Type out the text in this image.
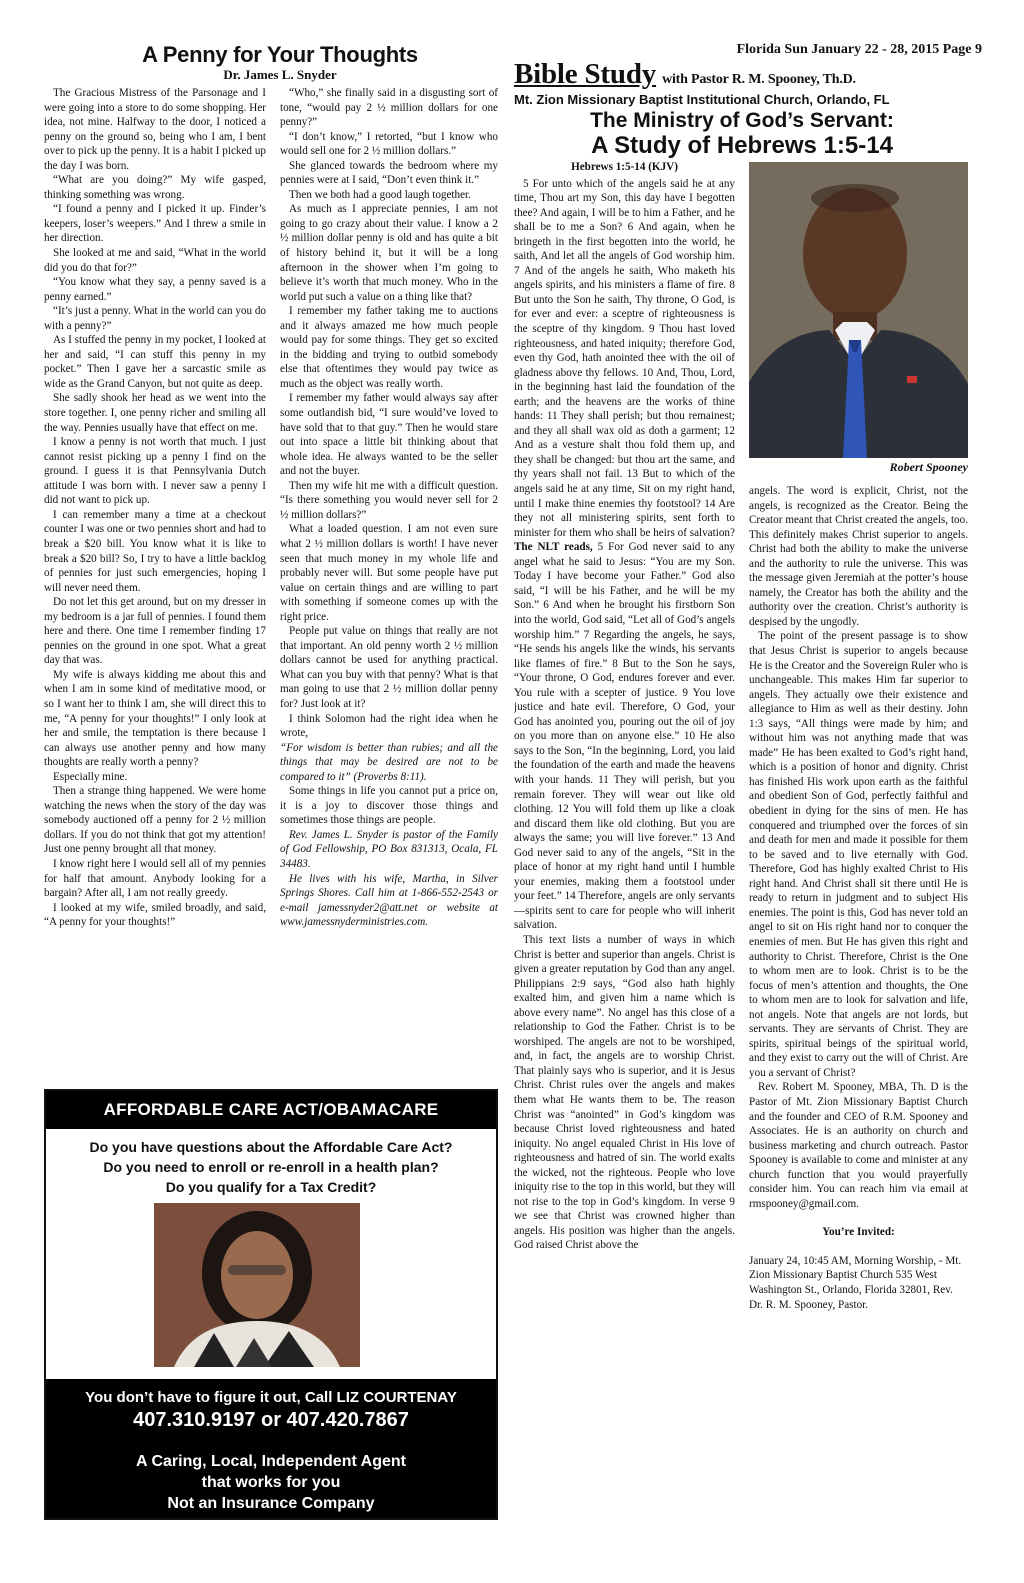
A Penny for Your Thoughts
Dr. James L. Snyder

The Gracious Mistress of the Parsonage and I were going into a store to do some shopping. Her idea, not mine. Halfway to the door, I noticed a penny on the ground so, being who I am, I bent over to pick up the penny. It is a habit I picked up the day I was born.

“What are you doing?” My wife gasped, thinking something was wrong.

“I found a penny and I picked it up. Finder’s keepers, loser’s weepers.” And I threw a smile in her direction.

She looked at me and said, “What in the world did you do that for?”

“You know what they say, a penny saved is a penny earned.”

“It’s just a penny. What in the world can you do with a penny?”

As I stuffed the penny in my pocket, I looked at her and said, “I can stuff this penny in my pocket.” Then I gave her a sarcastic smile as wide as the Grand Canyon, but not quite as deep.

She sadly shook her head as we went into the store together. I, one penny richer and smiling all the way. Pennies usually have that effect on me.

I know a penny is not worth that much. I just cannot resist picking up a penny I find on the ground. I guess it is that Pennsylvania Dutch attitude I was born with. I never saw a penny I did not want to pick up.

I can remember many a time at a checkout counter I was one or two pennies short and had to break a $20 bill. You know what it is like to break a $20 bill? So, I try to have a little backlog of pennies for just such emergencies, hoping I will never need them.

Do not let this get around, but on my dresser in my bedroom is a jar full of pennies. I found them here and there. One time I remember finding 17 pennies on the ground in one spot. What a great day that was.

My wife is always kidding me about this and when I am in some kind of meditative mood, or so I want her to think I am, she will direct this to me, “A penny for your thoughts!” I only look at her and smile, the temptation is there because I can always use another penny and how many thoughts are really worth a penny?

Especially mine.

Then a strange thing happened. We were home watching the news when the story of the day was somebody auctioned off a penny for 2 ½ million dollars. If you do not think that got my attention! Just one penny brought all that money.

I know right here I would sell all of my pennies for half that amount. Anybody looking for a bargain? After all, I am not really greedy.

I looked at my wife, smiled broadly, and said, “A penny for your thoughts!”

“Who,” she finally said in a disgusting sort of tone, “would pay 2 ½ million dollars for one penny?”

“I don’t know,” I retorted, “but I know who would sell one for 2 ½ million dollars.”

She glanced towards the bedroom where my pennies were at I said, “Don’t even think it.”

Then we both had a good laugh together.

As much as I appreciate pennies, I am not going to go crazy about their value. I know a 2 ½ million dollar penny is old and has quite a bit of history behind it, but it will be a long afternoon in the shower when I’m going to believe it’s worth that much money. Who in the world put such a value on a thing like that?

I remember my father taking me to auctions and it always amazed me how much people would pay for some things. They get so excited in the bidding and trying to outbid somebody else that oftentimes they would pay twice as much as the object was really worth.

I remember my father would always say after some outlandish bid, “I sure would’ve loved to have sold that to that guy.” Then he would stare out into space a little bit thinking about that whole idea. He always wanted to be the seller and not the buyer.

Then my wife hit me with a difficult question. “Is there something you would never sell for 2 ½ million dollars?”

What a loaded question. I am not even sure what 2 ½ million dollars is worth! I have never seen that much money in my whole life and probably never will. But some people have put value on certain things and are willing to part with something if someone comes up with the right price.

People put value on things that really are not that important. An old penny worth 2 ½ million dollars cannot be used for anything practical. What can you buy with that penny? What is that man going to use that 2 ½ million dollar penny for? Just look at it?

I think Solomon had the right idea when he wrote,

“For wisdom is better than rubies; and all the things that may be desired are not to be compared to it” (Proverbs 8:11).

Some things in life you cannot put a price on, it is a joy to discover those things and sometimes those things are people.

Rev. James L. Snyder is pastor of the Family of God Fellowship, PO Box 831313, Ocala, FL 34483.

He lives with his wife, Martha, in Silver Springs Shores. Call him at 1-866-552-2543 or e-mail jamessnyder2@att.net or website at www.jamessnyderministries.com.

AFFORDABLE CARE ACT/OBAMACARE
Do you have questions about the Affordable Care Act?
Do you need to enroll or re-enroll in a health plan?
Do you qualify for a Tax Credit?
You don’t have to figure it out, Call LIZ COURTENAY
407.310.9197 or 407.420.7867
A Caring, Local, Independent Agent
that works for you
Not an Insurance Company
Florida Sun January 22 - 28, 2015 Page 9
Bible Study with Pastor R. M. Spooney, Th.D.
Mt. Zion Missionary Baptist Institutional Church, Orlando, FL
The Ministry of God’s Servant:
A Study of Hebrews 1:5-14

Hebrews 1:5-14 (KJV)

5 For unto which of the angels said he at any time, Thou art my Son, this day have I begotten thee? And again, I will be to him a Father, and he shall be to me a Son? 6 And again, when he bringeth in the first begotten into the world, he saith, And let all the angels of God worship him. 7 And of the angels he saith, Who maketh his angels spirits, and his ministers a flame of fire. 8 But unto the Son he saith, Thy throne, O God, is for ever and ever: a sceptre of righteousness is the sceptre of thy kingdom. 9 Thou hast loved righteousness, and hated iniquity; therefore God, even thy God, hath anointed thee with the oil of gladness above thy fellows. 10 And, Thou, Lord, in the beginning hast laid the foundation of the earth; and the heavens are the works of thine hands: 11 They shall perish; but thou remainest; and they all shall wax old as doth a garment; 12 And as a vesture shalt thou fold them up, and they shall be changed: but thou art the same, and thy years shall not fail. 13 But to which of the angels said he at any time, Sit on my right hand, until I make thine enemies thy footstool? 14 Are they not all ministering spirits, sent forth to minister for them who shall be heirs of salvation?

The NLT reads, 5 For God never said to any angel what he said to Jesus: “You are my Son. Today I have become your Father.” God also said, “I will be his Father, and he will be my Son.” 6 And when he brought his firstborn Son into the world, God said, “Let all of God’s angels worship him.” 7 Regarding the angels, he says, “He sends his angels like the winds, his servants like flames of fire.” 8 But to the Son he says, “Your throne, O God, endures forever and ever. You rule with a scepter of justice. 9 You love justice and hate evil. Therefore, O God, your God has anointed you, pouring out the oil of joy on you more than on anyone else.” 10 He also says to the Son, “In the beginning, Lord, you laid the foundation of the earth and made the heavens with your hands. 11 They will perish, but you remain forever. They will wear out like old clothing. 12 You will fold them up like a cloak and discard them like old clothing. But you are always the same; you will live forever.” 13 And God never said to any of the angels, “Sit in the place of honor at my right hand until I humble your enemies, making them a footstool under your feet.” 14 Therefore, angels are only servants—spirits sent to care for people who will inherit salvation.

This text lists a number of ways in which Christ is better and superior than angels. Christ is given a greater reputation by God than any angel. Philippians 2:9 says, “God also hath highly exalted him, and given him a name which is above every name”. No angel has this close of a relationship to God the Father. Christ is to be worshiped. The angels are not to be worshiped, and, in fact, the angels are to worship Christ. That plainly says who is superior, and it is Jesus Christ. Christ rules over the angels and makes them what He wants them to be. The reason Christ was “anointed” in God’s kingdom was because Christ loved righteousness and hated iniquity. No angel equaled Christ in His love of righteousness and hatred of sin. The world exalts the wicked, not the righteous. People who love iniquity rise to the top in this world, but they will not rise to the top in God’s kingdom. In verse 9 we see that Christ was crowned higher than angels. His position was higher than the angels. God raised Christ above the

Robert Spooney

angels. The word is explicit, Christ, not the angels, is recognized as the Creator. Being the Creator meant that Christ created the angels, too. This definitely makes Christ superior to angels. Christ had both the ability to make the universe and the authority to rule the universe. This was the message given Jeremiah at the potter’s house namely, the Creator has both the ability and the authority over the creation. Christ’s authority is despised by the ungodly.

The point of the present passage is to show that Jesus Christ is superior to angels because He is the Creator and the Sovereign Ruler who is unchangeable. This makes Him far superior to angels. They actually owe their existence and allegiance to Him as well as their destiny. John 1:3 says, “All things were made by him; and without him was not anything made that was made” He has been exalted to God’s right hand, which is a position of honor and dignity. Christ has finished His work upon earth as the faithful and obedient Son of God, perfectly faithful and obedient in dying for the sins of men. He has conquered and triumphed over the forces of sin and death for men and made it possible for them to be saved and to live eternally with God. Therefore, God has highly exalted Christ to His right hand. And Christ shall sit there until He is ready to return in judgment and to subject His enemies. The point is this, God has never told an angel to sit on His right hand nor to conquer the enemies of men. But He has given this right and authority to Christ. Therefore, Christ is the One to whom men are to look. Christ is to be the focus of men’s attention and thoughts, the One to whom men are to look for salvation and life, not angels. Note that angels are not lords, but servants. They are servants of Christ. They are spirits, spiritual beings of the spiritual world, and they exist to carry out the will of Christ. Are you a servant of Christ?

Rev. Robert M. Spooney, MBA, Th. D is the Pastor of Mt. Zion Missionary Baptist Church and the founder and CEO of R.M. Spooney and Associates. He is an authority on church and business marketing and church outreach. Pastor Spooney is available to come and minister at any church function that you would prayerfully consider him. You can reach him via email at rmspooney@gmail.com.

You’re Invited:

January 24, 10:45 AM, Morning Worship, - Mt. Zion Missionary Baptist Church 535 West Washington St., Orlando, Florida 32801, Rev. Dr. R. M. Spooney, Pastor.
